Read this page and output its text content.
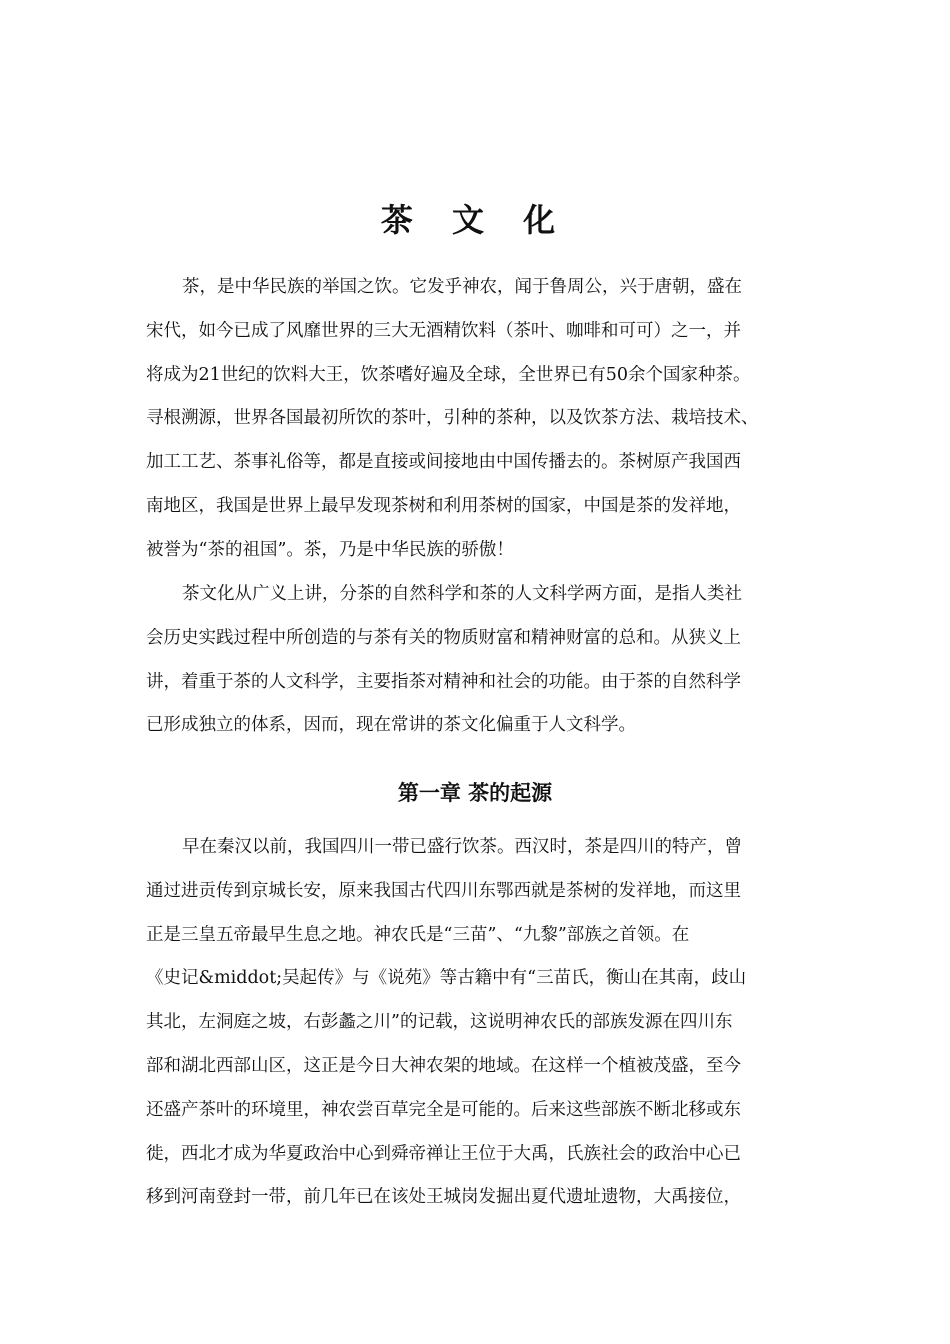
茶 文 化
茶，是中华民族的举国之饮。它发乎神农，闻于鲁周公，兴于唐朝，盛在
宋代，如今已成了风靡世界的三大无酒精饮料（茶叶、咖啡和可可）之一，并
将成为21世纪的饮料大王，饮茶嗜好遍及全球，全世界已有50余个国家种茶。
寻根溯源，世界各国最初所饮的茶叶，引种的茶种，以及饮茶方法、栽培技术、
加工工艺、茶事礼俗等，都是直接或间接地由中国传播去的。茶树原产我国西
南地区，我国是世界上最早发现茶树和利用茶树的国家，中国是茶的发祥地，
被誉为“茶的祖国”。茶，乃是中华民族的骄傲！
茶文化从广义上讲，分茶的自然科学和茶的人文科学两方面，是指人类社
会历史实践过程中所创造的与茶有关的物质财富和精神财富的总和。从狭义上
讲，着重于茶的人文科学，主要指茶对精神和社会的功能。由于茶的自然科学
已形成独立的体系，因而，现在常讲的茶文化偏重于人文科学。
第一章 茶的起源
早在秦汉以前，我国四川一带已盛行饮茶。西汉时，茶是四川的特产，曾
通过进贡传到京城长安，原来我国古代四川东鄂西就是茶树的发祥地，而这里
正是三皇五帝最早生息之地。神农氏是“三苗”、“九黎”部族之首领。在
《史记&middot;吴起传》与《说苑》等古籍中有“三苗氏，衡山在其南，歧山
其北，左洞庭之坡，右彭蠡之川”的记载，这说明神农氏的部族发源在四川东
部和湖北西部山区，这正是今日大神农架的地域。在这样一个植被茂盛，至今
还盛产茶叶的环境里，神农尝百草完全是可能的。后来这些部族不断北移或东
徙，西北才成为华夏政治中心到舜帝禅让王位于大禹，氏族社会的政治中心已
移到河南登封一带，前几年已在该处王城岗发掘出夏代遗址遗物，大禹接位，
